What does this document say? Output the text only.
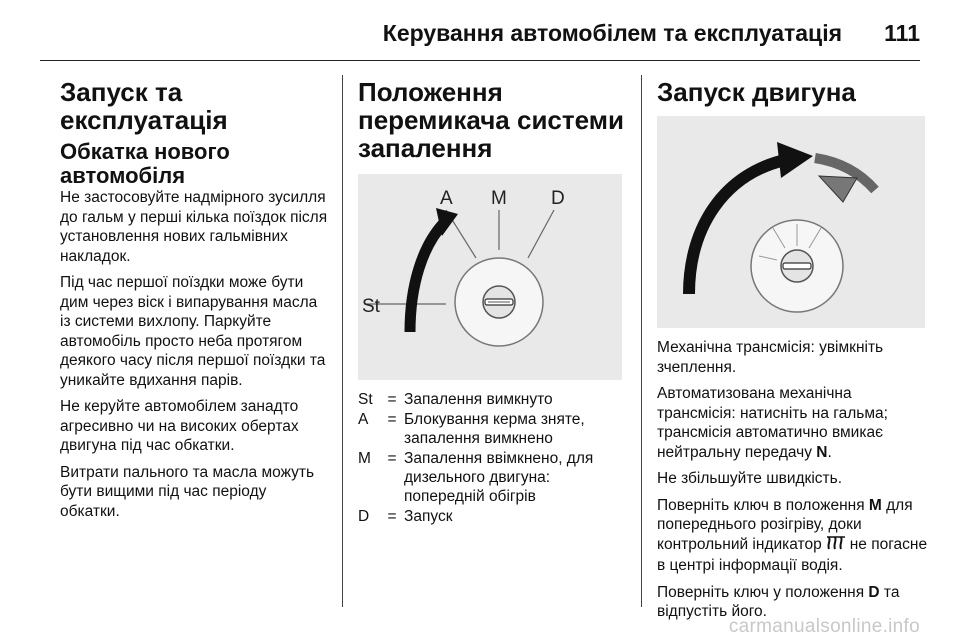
Керування автомобілем та експлуатація 111
Запуск та експлуатація
Обкатка нового автомобіля

Не застосовуйте надмірного зусилля до гальм у перші кілька поїздок після установлення нових гальмівних накладок.

Під час першої поїздки може бути дим через віск і випарування масла із системи вихлопу. Паркуйте автомобіль просто неба протягом деякого часу після першої поїздки та уникайте вдихання парів.

Не керуйте автомобілем занадто агресивно чи на високих обертах двигуна під час обкатки.

Витрати пального та масла можуть бути вищими під час періоду обкатки.

Положення перемикача системи запалення
A M D
St
St	=	Запалення вимкнуто
A	=	Блокування керма зняте, запалення вимкнено
M	=	Запалення ввімкнено, для дизельного двигуна: попередній обігрів
D	=	Запуск
Запуск двигуна

Механічна трансмісія: увімкніть зчеплення.

Автоматизована механічна трансмісія: натисніть на гальма; трансмісія автоматично вмикає нейтральну передачу N.

Не збільшуйте швидкість.

Поверніть ключ в положення M для попереднього розігріву, доки контрольний індикатор не погасне в центрі інформації водія.

Поверніть ключ у положення D та відпустіть його.

carmanualsonline.info
